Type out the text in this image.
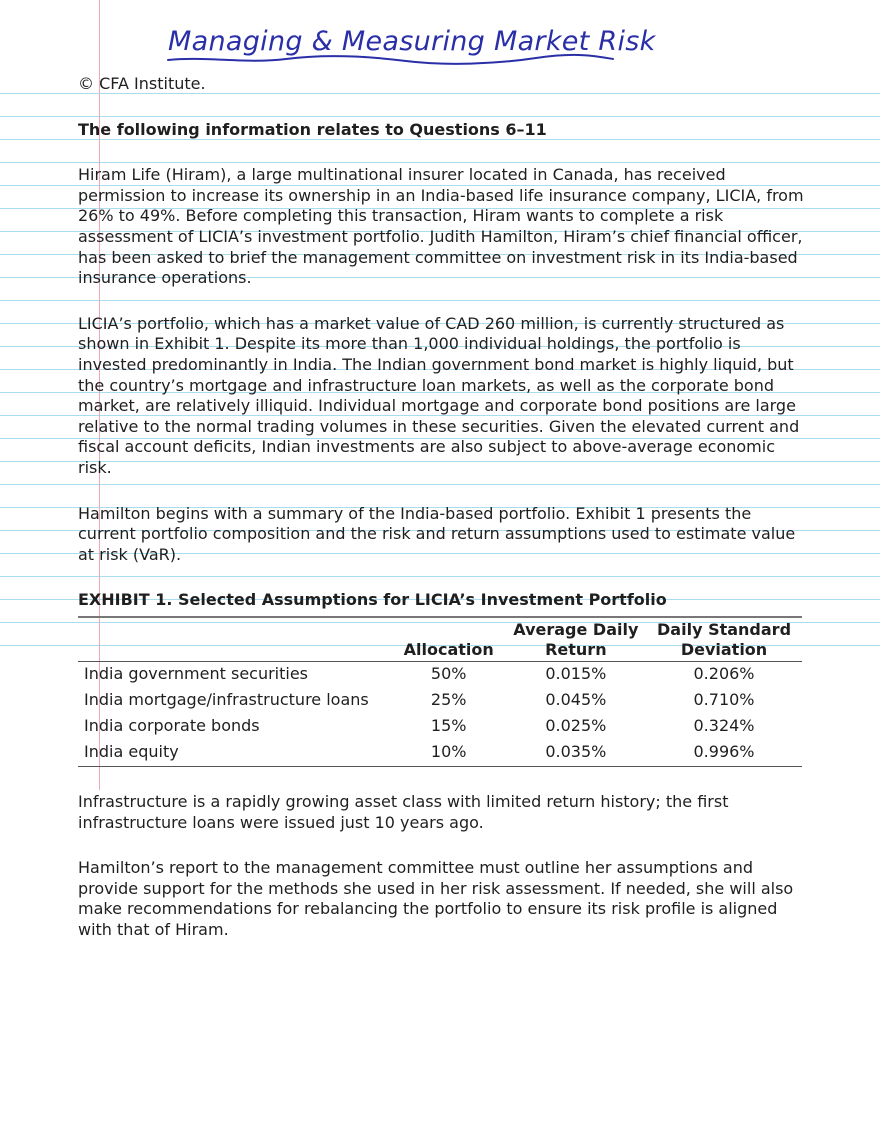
Managing & Measuring Market Risk

© CFA Institute.

The following information relates to Questions 6–11

Hiram Life (Hiram), a large multinational insurer located in Canada, has received permission to increase its ownership in an India-based life insurance company, LICIA, from 26% to 49%. Before completing this transaction, Hiram wants to complete a risk assessment of LICIA’s investment portfolio. Judith Hamilton, Hiram’s chief financial officer, has been asked to brief the management committee on investment risk in its India-based insurance operations.

LICIA’s portfolio, which has a market value of CAD 260 million, is currently structured as shown in Exhibit 1. Despite its more than 1,000 individual holdings, the portfolio is invested predominantly in India. The Indian government bond market is highly liquid, but the country’s mortgage and infrastructure loan markets, as well as the corporate bond market, are relatively illiquid. Individual mortgage and corporate bond positions are large relative to the normal trading volumes in these securities. Given the elevated current and fiscal account deficits, Indian investments are also subject to above-average economic risk.

Hamilton begins with a summary of the India-based portfolio. Exhibit 1 presents the current portfolio composition and the risk and return assumptions used to estimate value at risk (VaR).

EXHIBIT 1. Selected Assumptions for LICIA’s Investment Portfolio

	Allocation	Average Daily Return	Daily Standard Deviation
India government securities	50%	0.015%	0.206%
India mortgage/infrastructure loans	25%	0.045%	0.710%
India corporate bonds	15%	0.025%	0.324%
India equity	10%	0.035%	0.996%

Infrastructure is a rapidly growing asset class with limited return history; the first infrastructure loans were issued just 10 years ago.

Hamilton’s report to the management committee must outline her assumptions and provide support for the methods she used in her risk assessment. If needed, she will also make recommendations for rebalancing the portfolio to ensure its risk profile is aligned with that of Hiram.
